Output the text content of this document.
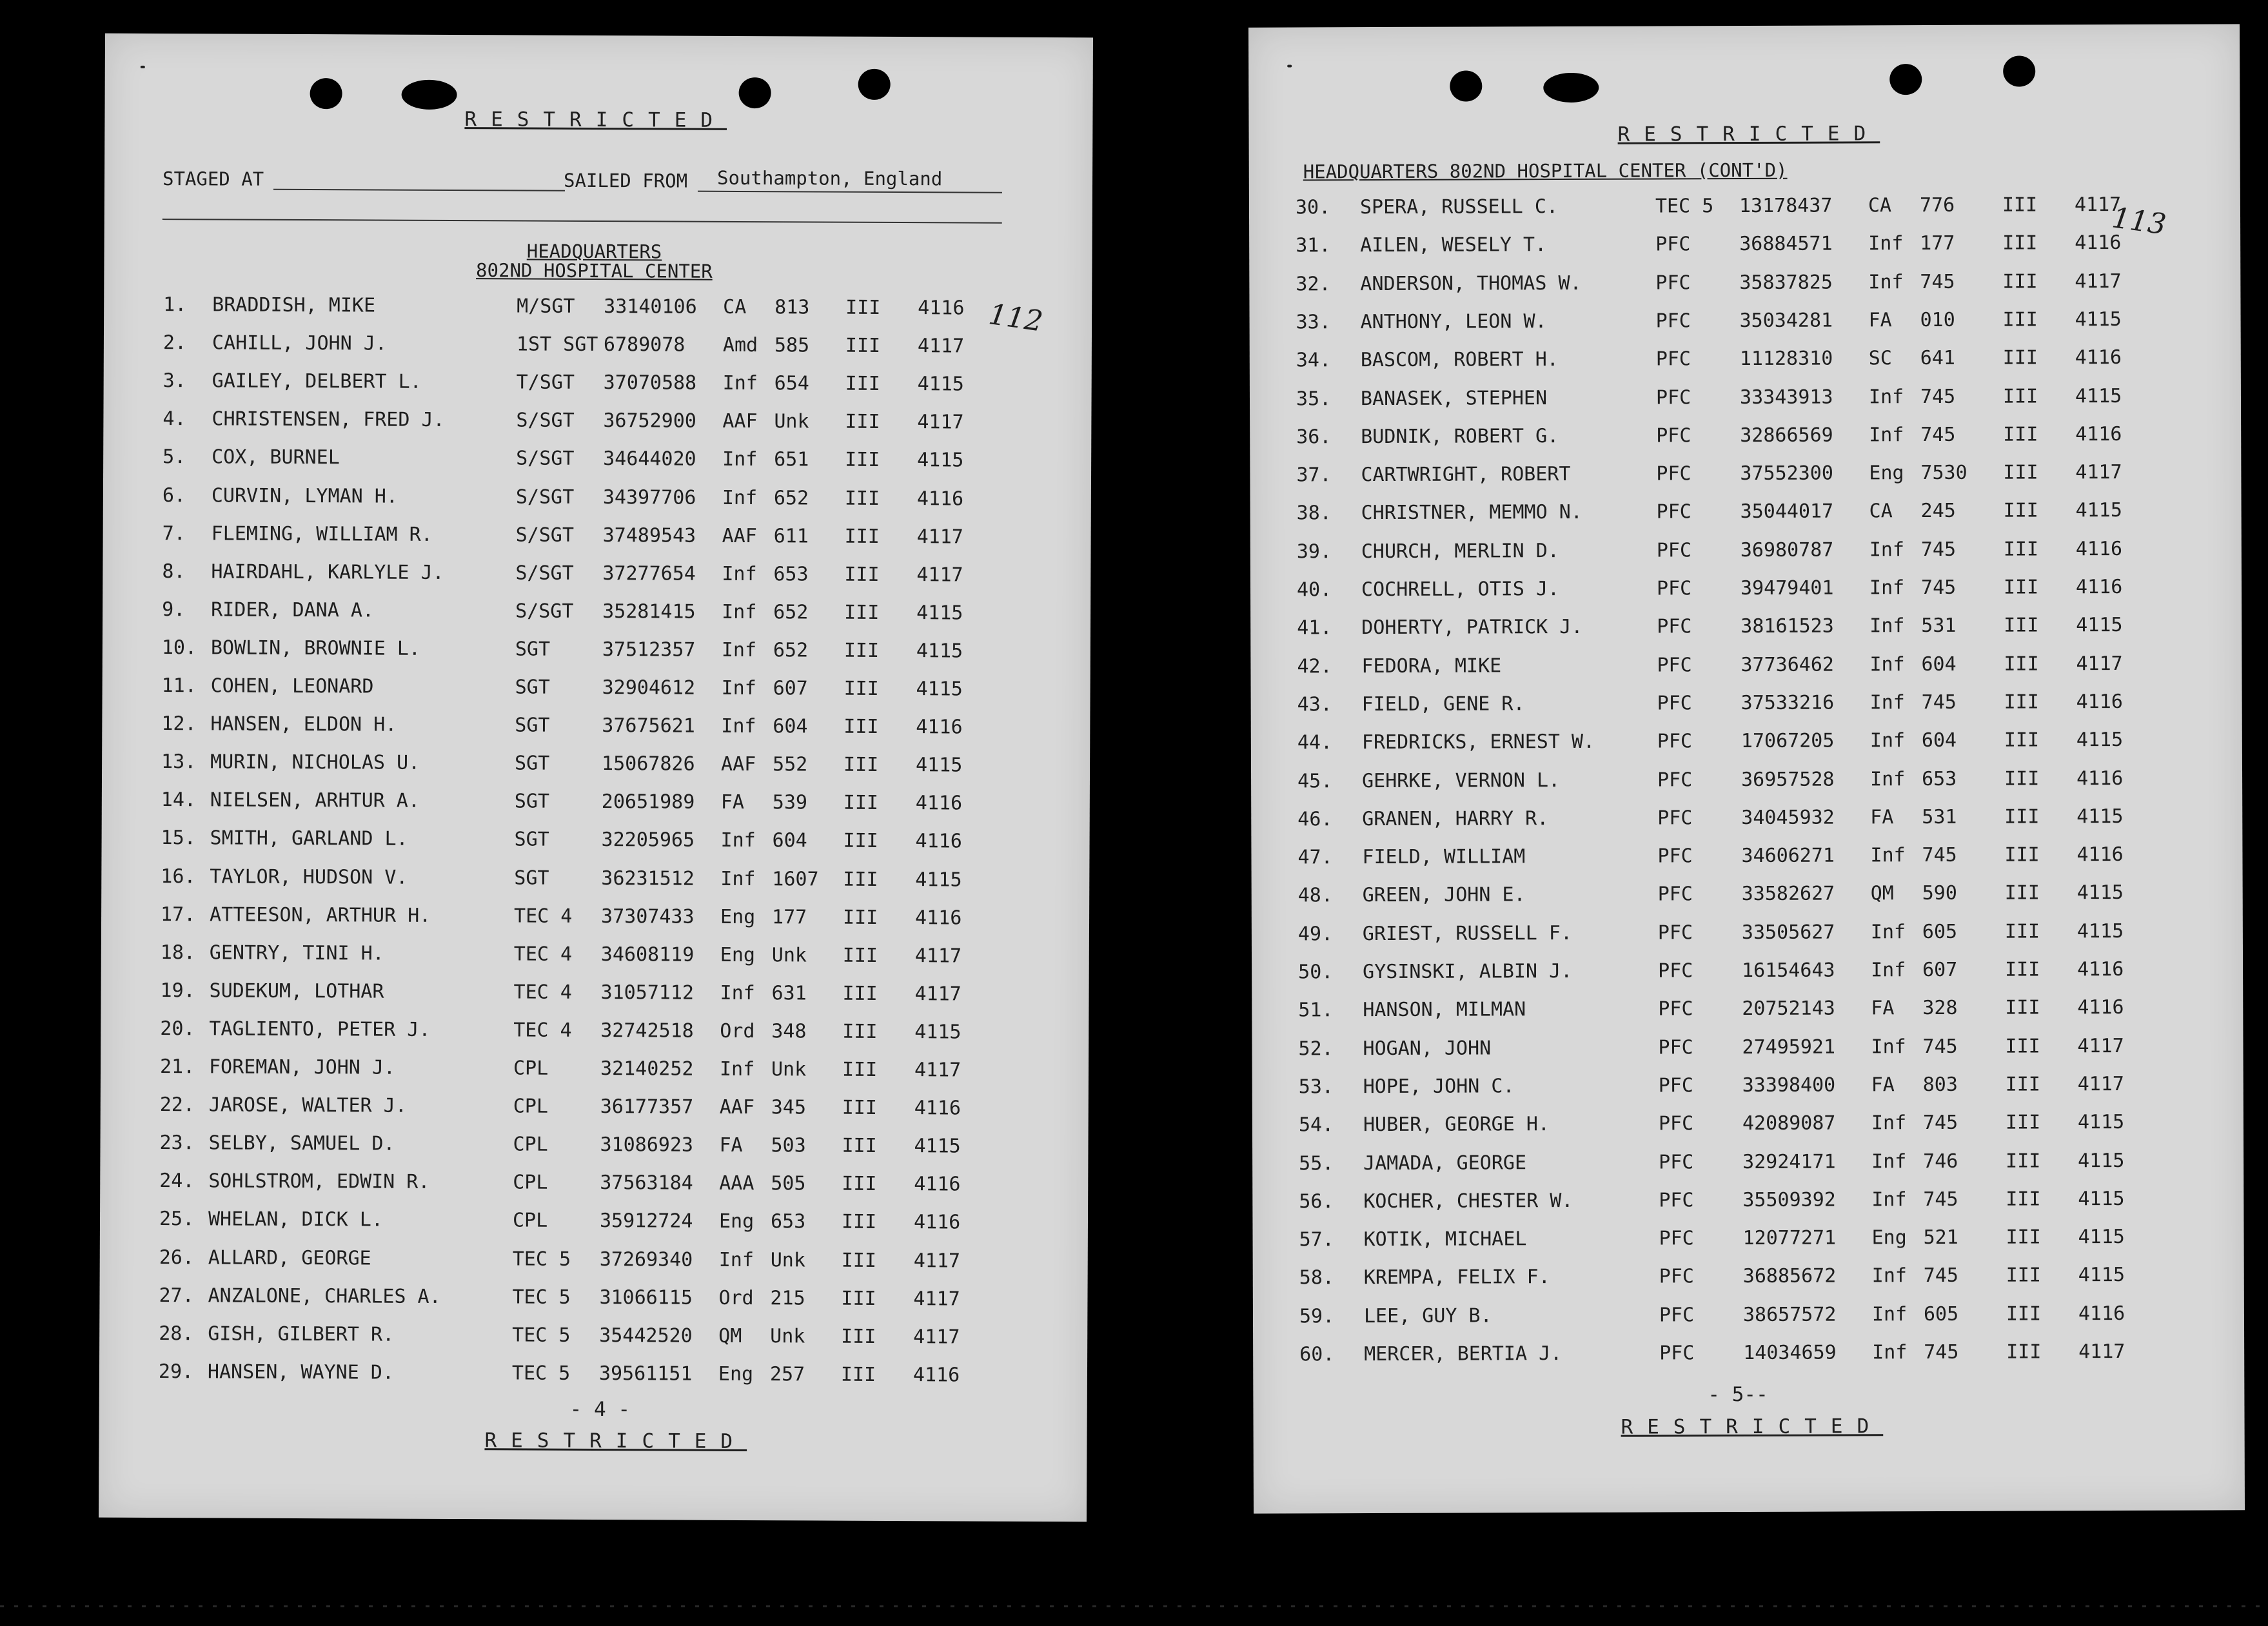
RESTRICTED
STAGED AT	SAILED FROM Southampton, England
HEADQUARTERS
802ND HOSPITAL CENTER
112
1. BRADDISH, MIKE	M/SGT 33140106 CA 813 III 4116
2. CAHILL, JOHN J.	1ST SGT 6789078 Amd 585 III 4117
3. GAILEY, DELBERT L.	T/SGT 37070588 Inf 654 III 4115
4. CHRISTENSEN, FRED J.	S/SGT 36752900 AAF Unk III 4117
5. COX, BURNEL	S/SGT 34644020 Inf 651 III 4115
6. CURVIN, LYMAN H.	S/SGT 34397706 Inf 652 III 4116
7. FLEMING, WILLIAM R.	S/SGT 37489543 AAF 611 III 4117
8. HAIRDAHL, KARLYLE J.	S/SGT 37277654 Inf 653 III 4117
9. RIDER, DANA A.	S/SGT 35281415 Inf 652 III 4115
10. BOWLIN, BROWNIE L.	SGT	37512357 Inf 652 III 4115
11. COHEN, LEONARD	SGT	32904612 Inf 607 III 4115
12. HANSEN, ELDON H.	SGT	37675621 Inf 604 III 4116
13. MURIN, NICHOLAS U.	SGT	15067826 AAF 552 III 4115
14. NIELSEN, ARHTUR A.	SGT	20651989 FA 539 III 4116
15. SMITH, GARLAND L.	SGT	32205965 Inf 604 III 4116
16. TAYLOR, HUDSON V.	SGT	36231512 Inf 1607 III 4115
17. ATTEESON, ARTHUR H.	TEC 4 37307433 Eng 177 III 4116
18. GENTRY, TINI H.	TEC 4 34608119 Eng Unk III 4117
19. SUDEKUM, LOTHAR	TEC 4 31057112 Inf 631 III 4117
20. TAGLIENTO, PETER J.	TEC 4 32742518 Ord 348 III 4115
21. FOREMAN, JOHN J.	CPL	32140252 Inf Unk III 4117
22. JAROSE, WALTER J.	CPL	36177357 AAF 345 III 4116
23. SELBY, SAMUEL D.	CPL	31086923 FA 503 III 4115
24. SOHLSTROM, EDWIN R.	CPL	37563184 AAA 505 III 4116
25. WHELAN, DICK L.	CPL	35912724 Eng 653 III 4116
26. ALLARD, GEORGE	TEC 5 37269340 Inf Unk III 4117
27. ANZALONE, CHARLES A.	TEC 5 31066115 Ord 215 III 4117
28. GISH, GILBERT R.	TEC 5 35442520 QM Unk III 4117
29. HANSEN, WAYNE D.	TEC 5 39561151 Eng 257 III 4116
- 4 -
RESTRICTED
RESTRICTED
HEADQUARTERS 802ND HOSPITAL CENTER (CONT'D)
113
30. SPERA, RUSSELL C.	TEC 5 13178437 CA 776 III 4117
31. AILEN, WESELY T.	PFC	36884571 Inf 177 III 4116
32. ANDERSON, THOMAS W.	PFC	35837825 Inf 745 III 4117
33. ANTHONY, LEON W.	PFC	35034281 FA 010 III 4115
34. BASCOM, ROBERT H.	PFC	11128310 SC 641 III 4116
35. BANASEK, STEPHEN	PFC	33343913 Inf 745 III 4115
36. BUDNIK, ROBERT G.	PFC	32866569 Inf 745 III 4116
37. CARTWRIGHT, ROBERT	PFC	37552300 Eng 7530 III 4117
38. CHRISTNER, MEMMO N.	PFC	35044017 CA 245 III 4115
39. CHURCH, MERLIN D.	PFC	36980787 Inf 745 III 4116
40. COCHRELL, OTIS J.	PFC	39479401 Inf 745 III 4116
41. DOHERTY, PATRICK J.	PFC	38161523 Inf 531 III 4115
42. FEDORA, MIKE	PFC	37736462 Inf 604 III 4117
43. FIELD, GENE R.	PFC	37533216 Inf 745 III 4116
44. FREDRICKS, ERNEST W.	PFC	17067205 Inf 604 III 4115
45. GEHRKE, VERNON L.	PFC	36957528 Inf 653 III 4116
46. GRANEN, HARRY R.	PFC	34045932 FA 531 III 4115
47. FIELD, WILLIAM	PFC	34606271 Inf 745 III 4116
48. GREEN, JOHN E.	PFC	33582627 QM 590 III 4115
49. GRIEST, RUSSELL F.	PFC	33505627 Inf 605 III 4115
50. GYSINSKI, ALBIN J.	PFC	16154643 Inf 607 III 4116
51. HANSON, MILMAN	PFC	20752143 FA 328 III 4116
52. HOGAN, JOHN	PFC	27495921 Inf 745 III 4117
53. HOPE, JOHN C.	PFC	33398400 FA 803 III 4117
54. HUBER, GEORGE H.	PFC	42089087 Inf 745 III 4115
55. JAMADA, GEORGE	PFC	32924171 Inf 746 III 4115
56. KOCHER, CHESTER W.	PFC	35509392 Inf 745 III 4115
57. KOTIK, MICHAEL	PFC	12077271 Eng 521 III 4115
58. KREMPA, FELIX F.	PFC	36885672 Inf 745 III 4115
59. LEE, GUY B.	PFC	38657572 Inf 605 III 4116
60. MERCER, BERTIA J.	PFC	14034659 Inf 745 III 4117
- 5--
RESTRICTED
